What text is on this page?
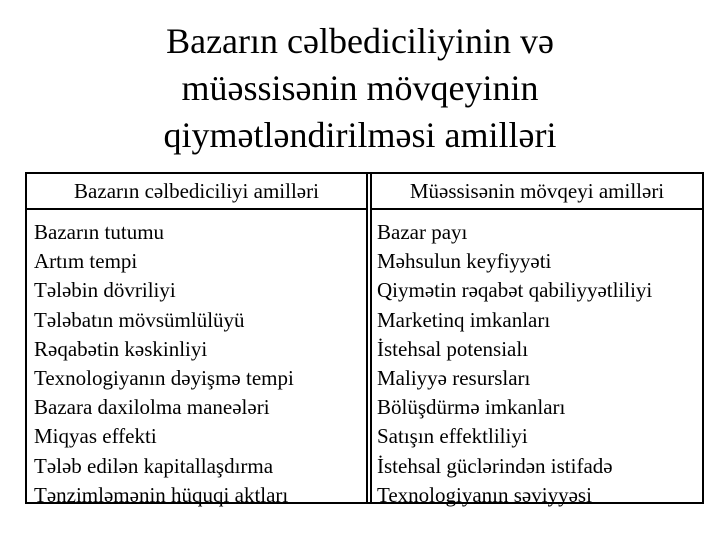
Bazarın cəlbediciliyinin və
müəssisənin mövqeyinin
qiymətləndirilməsi amilləri
Bazarın cəlbediciliyi amilləri
Bazarın tutumu
Artım tempi
Tələbin dövriliyi
Tələbatın mövsümlülüyü
Rəqabətin kəskinliyi
Texnologiyanın dəyişmə tempi
Bazara daxilolma maneələri
Miqyas effekti
Tələb edilən kapitallaşdırma
Tənzimləmənin hüquqi aktları
Müəssisənin mövqeyi amilləri
Bazar payı
Məhsulun keyfiyyəti
Qiymətin rəqabət qabiliyyətliliyi
Marketinq imkanları
İstehsal potensialı
Maliyyə resursları
Bölüşdürmə imkanları
Satışın effektliliyi
İstehsal güclərindən istifadə
Texnologiyanın səviyyəsi
